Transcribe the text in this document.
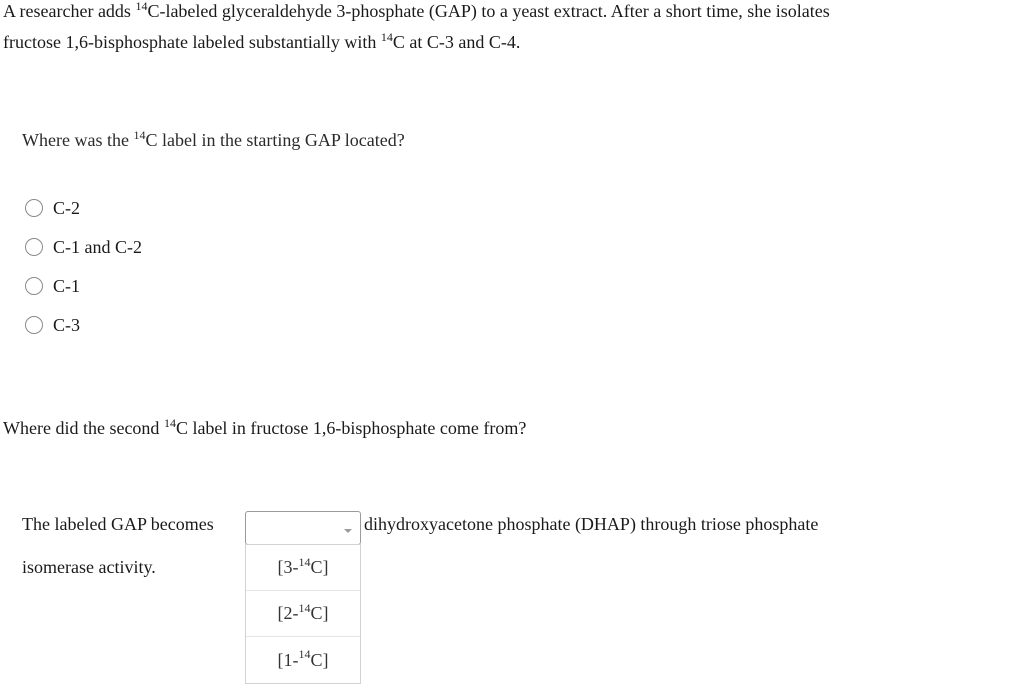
A researcher adds $^{14}$C-labeled glyceraldehyde 3-phosphate (GAP) to a yeast extract. After a short time, she isolates
fructose 1,6-bisphosphate labeled substantially with $^{14}$C at C-3 and C-4.
Where was the $^{14}$C label in the starting GAP located?
C-2
C-1 and C-2
C-1
C-3
Where did the second $^{14}$C label in fructose 1,6-bisphosphate come from?
The labeled GAP becomes	dihydroxyacetone phosphate (DHAP) through triose phosphate
isomerase activity.	[3-$^{14}$ C]
[2-$^{14}$ C]
[1-$^{14}$ C]
